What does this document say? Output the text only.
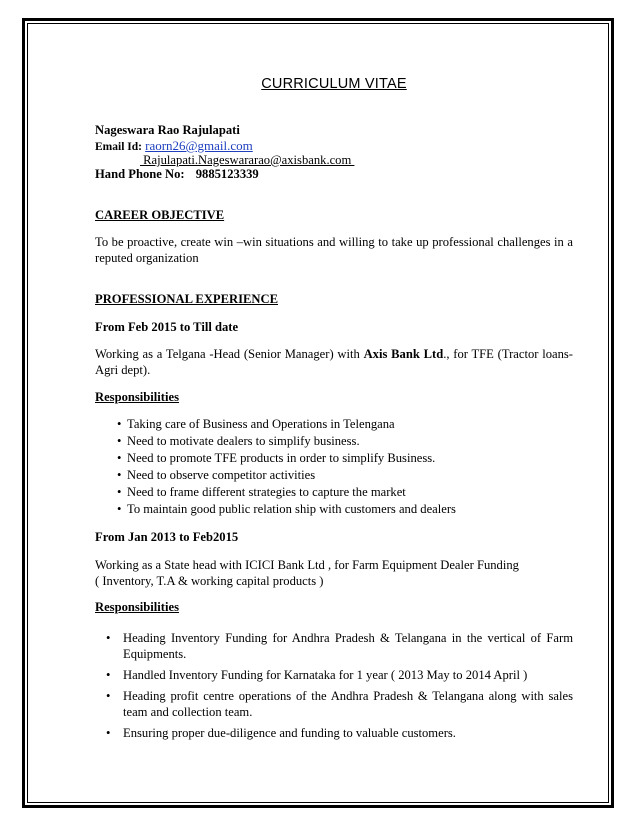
CURRICULUM VITAE
Nageswara Rao Rajulapati
Email Id: raorn26@gmail.com
Rajulapati.Nageswararao@axisbank.com
Hand Phone No: 9885123339
CAREER OBJECTIVE
To be proactive, create win –win situations and willing to take up professional challenges in a reputed organization
PROFESSIONAL EXPERIENCE
From Feb 2015 to Till date
Working as a Telgana -Head (Senior Manager) with Axis Bank Ltd., for TFE (Tractor loans-Agri dept).
Responsibilities
• Taking care of Business and Operations in Telengana
• Need to motivate dealers to simplify business.
• Need to promote TFE products in order to simplify Business.
• Need to observe competitor activities
• Need to frame different strategies to capture the market
• To maintain good public relation ship with customers and dealers
From Jan 2013 to Feb2015
Working as a State head with ICICI Bank Ltd , for Farm Equipment Dealer Funding
( Inventory, T.A & working capital products )
Responsibilities
• Heading Inventory Funding for Andhra Pradesh & Telangana in the vertical of Farm Equipments.
• Handled Inventory Funding for Karnataka for 1 year ( 2013 May to 2014 April )
• Heading profit centre operations of the Andhra Pradesh & Telangana along with sales team and collection team.
• Ensuring proper due-diligence and funding to valuable customers.
